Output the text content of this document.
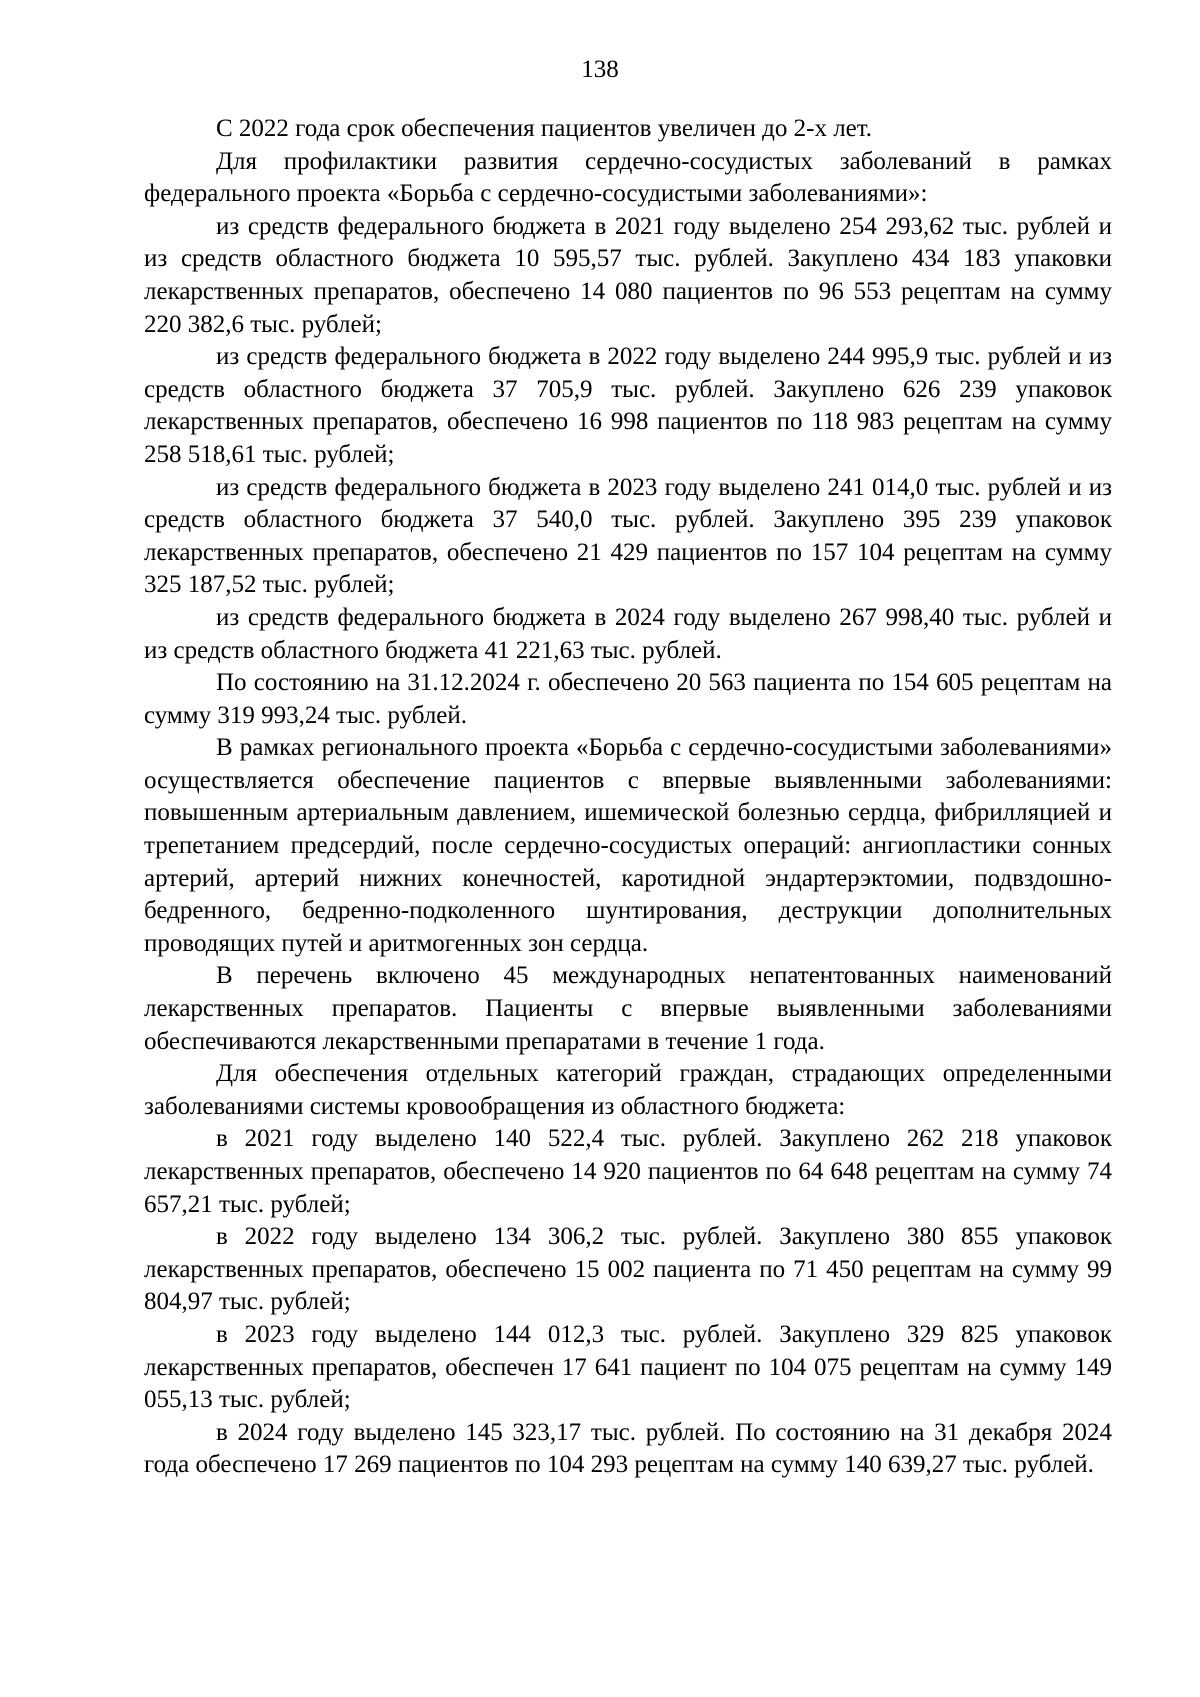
138

С 2022 года срок обеспечения пациентов увеличен до 2-х лет.

Для профилактики развития сердечно-сосудистых заболеваний в рамках федерального проекта «Борьба с сердечно-сосудистыми заболеваниями»:

из средств федерального бюджета в 2021 году выделено 254 293,62 тыс. рублей и из средств областного бюджета 10 595,57 тыс. рублей. Закуплено 434 183 упаковки лекарственных препаратов, обеспечено 14 080 пациентов по 96 553 рецептам на сумму 220 382,6 тыс. рублей;

из средств федерального бюджета в 2022 году выделено 244 995,9 тыс. рублей и из средств областного бюджета 37 705,9 тыс. рублей. Закуплено 626 239 упаковок лекарственных препаратов, обеспечено 16 998 пациентов по 118 983 рецептам на сумму 258 518,61 тыс. рублей;

из средств федерального бюджета в 2023 году выделено 241 014,0 тыс. рублей и из средств областного бюджета 37 540,0 тыс. рублей. Закуплено 395 239 упаковок лекарственных препаратов, обеспечено 21 429 пациентов по 157 104 рецептам на сумму 325 187,52 тыс. рублей;

из средств федерального бюджета в 2024 году выделено 267 998,40 тыс. рублей и из средств областного бюджета 41 221,63 тыс. рублей.

По состоянию на 31.12.2024 г. обеспечено 20 563 пациента по 154 605 рецептам на сумму 319 993,24 тыс. рублей.

В рамках регионального проекта «Борьба с сердечно-сосудистыми заболеваниями» осуществляется обеспечение пациентов с впервые выявленными заболеваниями: повышенным артериальным давлением, ишемической болезнью сердца, фибрилляцией и трепетанием предсердий, после сердечно-сосудистых операций: ангиопластики сонных артерий, артерий нижних конечностей, каротидной эндартерэктомии, подвздошно-бедренного, бедренно-подколенного шунтирования, деструкции дополнительных проводящих путей и аритмогенных зон сердца.

В перечень включено 45 международных непатентованных наименований лекарственных препаратов. Пациенты с впервые выявленными заболеваниями обеспечиваются лекарственными препаратами в течение 1 года.

Для обеспечения отдельных категорий граждан, страдающих определенными заболеваниями системы кровообращения из областного бюджета:

в 2021 году выделено 140 522,4 тыс. рублей. Закуплено 262 218 упаковок лекарственных препаратов, обеспечено 14 920 пациентов по 64 648 рецептам на сумму 74 657,21 тыс. рублей;

в 2022 году выделено 134 306,2 тыс. рублей. Закуплено 380 855 упаковок лекарственных препаратов, обеспечено 15 002 пациента по 71 450 рецептам на сумму 99 804,97 тыс. рублей;

в 2023 году выделено 144 012,3 тыс. рублей. Закуплено 329 825 упаковок лекарственных препаратов, обеспечен 17 641 пациент по 104 075 рецептам на сумму 149 055,13 тыс. рублей;

в 2024 году выделено 145 323,17 тыс. рублей. По состоянию на 31 декабря 2024 года обеспечено 17 269 пациентов по 104 293 рецептам на сумму 140 639,27 тыс. рублей.
